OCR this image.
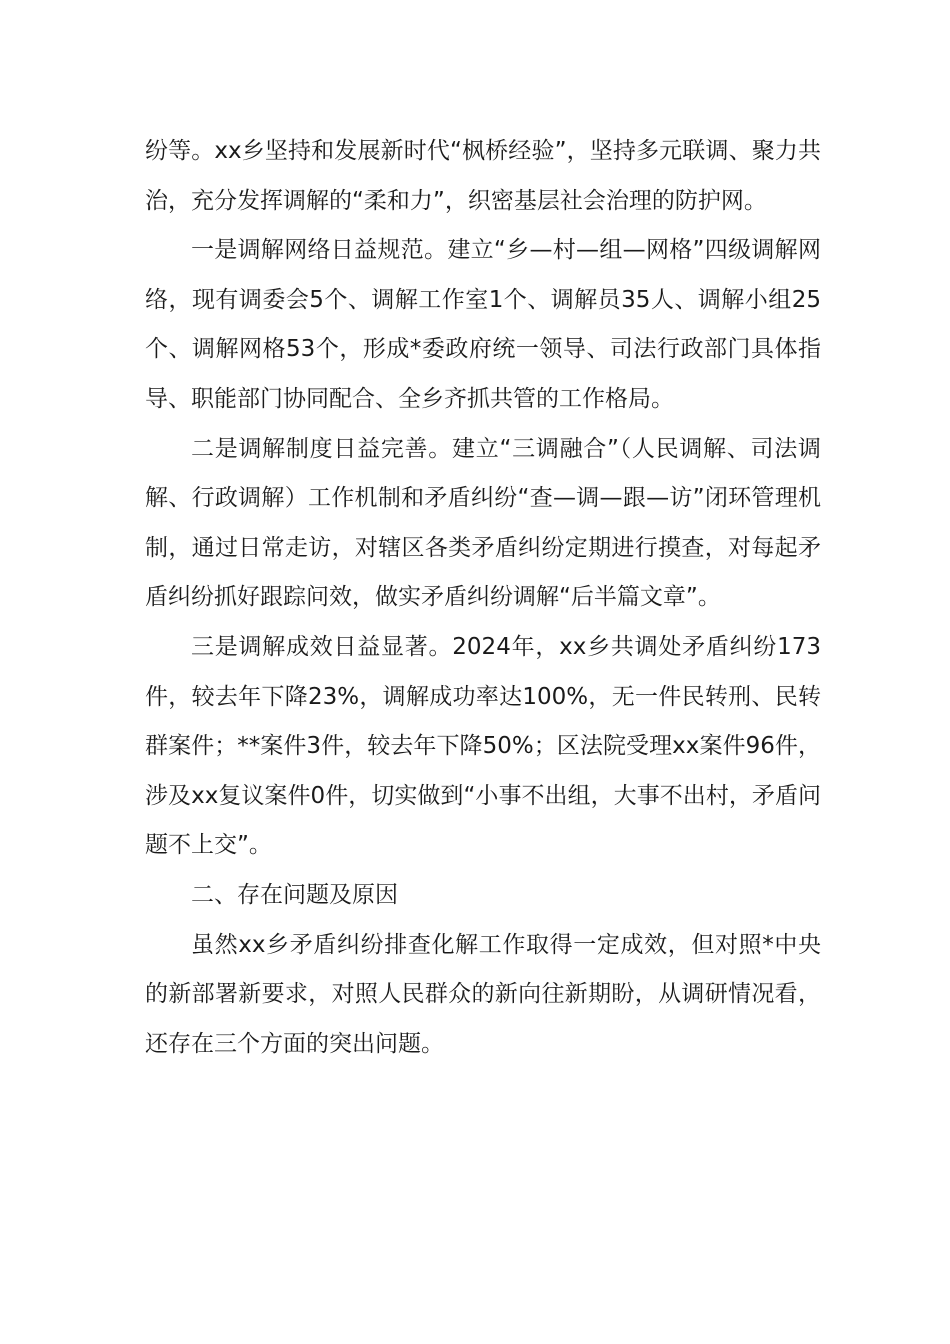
纷等。xx乡坚持和发展新时代“枫桥经验”，坚持多元联调、聚力共治，充分发挥调解的“柔和力”，织密基层社会治理的防护网。

一是调解网络日益规范。建立“乡—村—组—网格”四级调解网络，现有调委会5个、调解工作室1个、调解员35人、调解小组25个、调解网格53个，形成*委政府统一领导、司法行政部门具体指导、职能部门协同配合、全乡齐抓共管的工作格局。

二是调解制度日益完善。建立“三调融合”（人民调解、司法调解、行政调解）工作机制和矛盾纠纷“查—调—跟—访”闭环管理机制，通过日常走访，对辖区各类矛盾纠纷定期进行摸查，对每起矛盾纠纷抓好跟踪问效，做实矛盾纠纷调解“后半篇文章”。

三是调解成效日益显著。2024年，xx乡共调处矛盾纠纷173件，较去年下降23%，调解成功率达100%，无一件民转刑、民转群案件；**案件3件，较去年下降50%；区法院受理xx案件96件，涉及xx复议案件0件，切实做到“小事不出组，大事不出村，矛盾问题不上交”。

二、存在问题及原因

虽然xx乡矛盾纠纷排查化解工作取得一定成效，但对照*中央的新部署新要求，对照人民群众的新向往新期盼，从调研情况看，还存在三个方面的突出问题。
